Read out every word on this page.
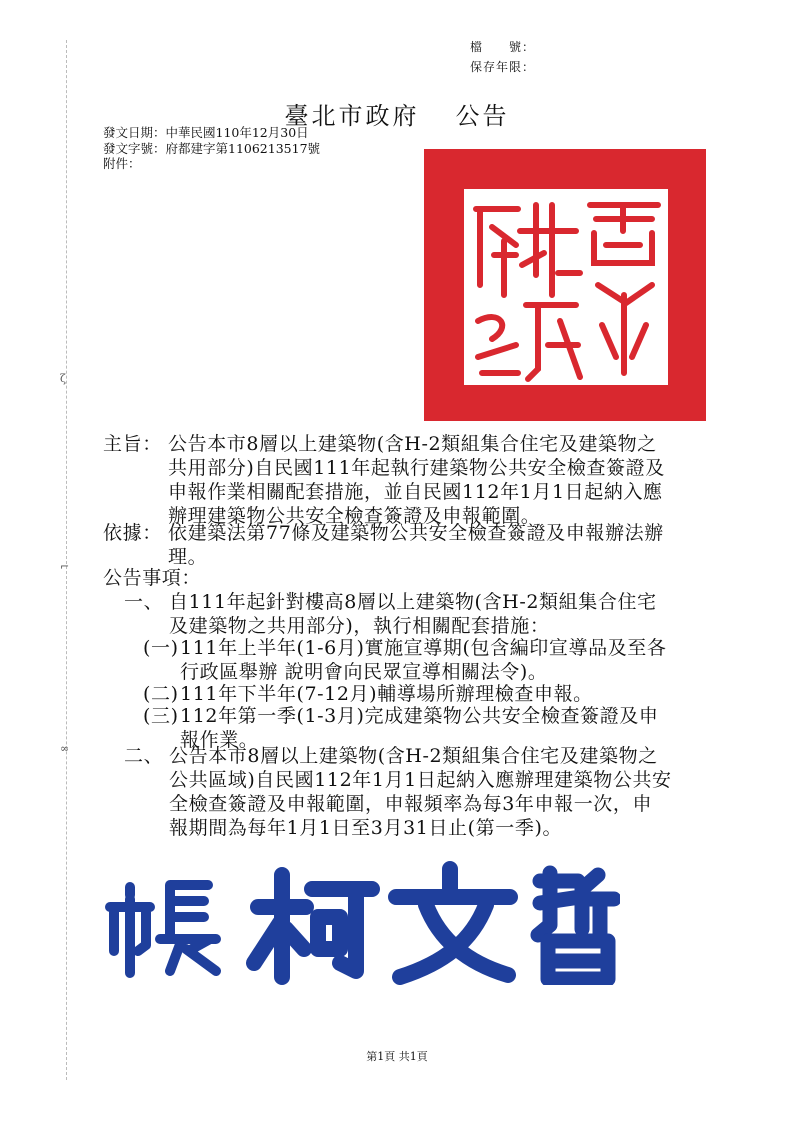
ζ
⌐
∞
檔　　號：
保存年限：
臺北市政府 公告
發文日期：中華民國110年12月30日
發文字號：府都建字第1106213517號
附件：
主旨： 公告本市8層以上建築物(含H-2類組集合住宅及建築物之
共用部分)自民國111年起執行建築物公共安全檢查簽證及
申報作業相關配套措施，並自民國112年1月1日起納入應
辦理建築物公共安全檢查簽證及申報範圍。
依據： 依建築法第77條及建築物公共安全檢查簽證及申報辦法辦
理。
公告事項：
一、 自111年起針對樓高8層以上建築物(含H-2類組集合住宅
及建築物之共用部分)，執行相關配套措施：
(一) 111年上半年(1-6月)實施宣導期(包含編印宣導品及至各
行政區舉辦 說明會向民眾宣導相關法令)。
(二) 111年下半年(7-12月)輔導場所辦理檢查申報。
(三) 112年第一季(1-3月)完成建築物公共安全檢查簽證及申
報作業。
二、 公告本市8層以上建築物(含H-2類組集合住宅及建築物之
公共區域)自民國112年1月1日起納入應辦理建築物公共安
全檢查簽證及申報範圍，申報頻率為每3年申報一次，申
報期間為每年1月1日至3月31日止(第一季)。
第1頁 共1頁
